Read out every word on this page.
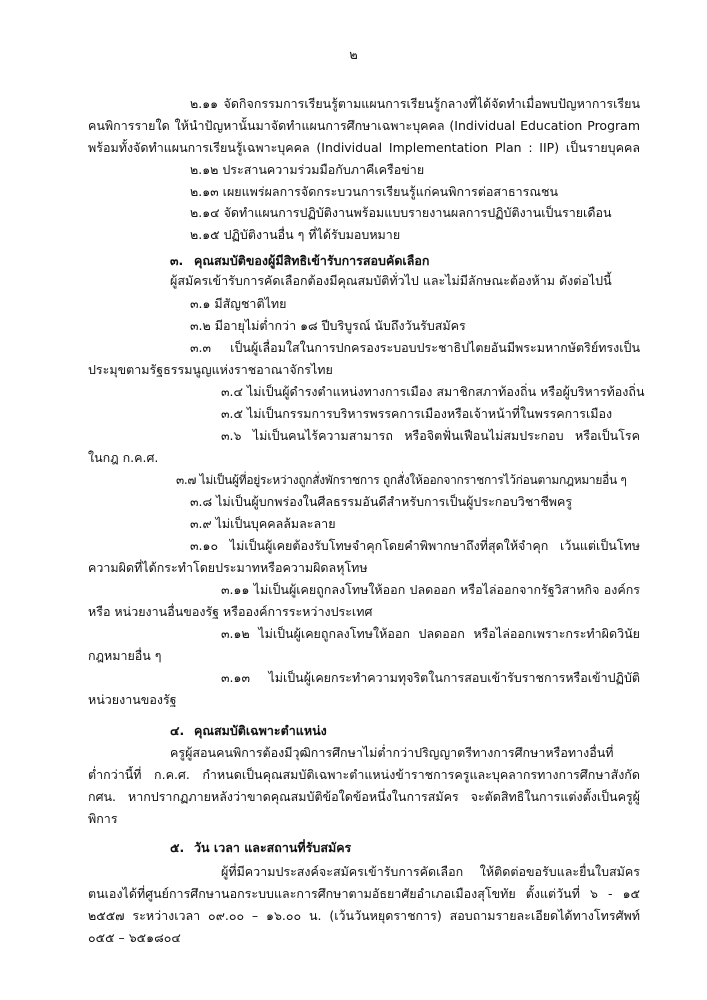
๒
๒.๑๑ จัดกิจกรรมการเรียนรู้ตามแผนการเรียนรู้กลางที่ได้จัดทำเมื่อพบปัญหาการเรียน
คนพิการรายใด ให้นำปัญหานั้นมาจัดทำแผนการศึกษาเฉพาะบุคคล (Individual Education Program
พร้อมทั้งจัดทำแผนการเรียนรู้เฉพาะบุคคล (Individual Implementation Plan : IIP) เป็นรายบุคคล
๒.๑๒ ประสานความร่วมมือกับภาคีเครือข่าย
๒.๑๓ เผยแพร่ผลการจัดกระบวนการเรียนรู้แก่คนพิการต่อสาธารณชน
๒.๑๔ จัดทำแผนการปฏิบัติงานพร้อมแบบรายงานผลการปฏิบัติงานเป็นรายเดือน
๒.๑๕ ปฏิบัติงานอื่น ๆ ที่ได้รับมอบหมาย
๓. คุณสมบัติของผู้มีสิทธิเข้ารับการสอบคัดเลือก
ผู้สมัครเข้ารับการคัดเลือกต้องมีคุณสมบัติทั่วไป และไม่มีลักษณะต้องห้าม ดังต่อไปนี้
๓.๑ มีสัญชาติไทย
๓.๒ มีอายุไม่ต่ำกว่า ๑๘ ปีบริบูรณ์ นับถึงวันรับสมัคร
๓.๓ เป็นผู้เลื่อมใสในการปกครองระบอบประชาธิปไตยอันมีพระมหากษัตริย์ทรงเป็น
ประมุขตามรัฐธรรมนูญแห่งราชอาณาจักรไทย
๓.๔ ไม่เป็นผู้ดำรงตำแหน่งทางการเมือง สมาชิกสภาท้องถิ่น หรือผู้บริหารท้องถิ่น
๓.๕ ไม่เป็นกรรมการบริหารพรรคการเมืองหรือเจ้าหน้าที่ในพรรคการเมือง
๓.๖ ไม่เป็นคนไร้ความสามารถ หรือจิตฟั่นเฟือนไม่สมประกอบ หรือเป็นโรค
ในกฎ ก.ค.ศ.
๓.๗ ไม่เป็นผู้ที่อยู่ระหว่างถูกสั่งพักราชการ ถูกสั่งให้ออกจากราชการไว้ก่อนตามกฎหมายอื่น ๆ
๓.๘ ไม่เป็นผู้บกพร่องในศีลธรรมอันดีสำหรับการเป็นผู้ประกอบวิชาชีพครู
๓.๙ ไม่เป็นบุคคลล้มละลาย
๓.๑๐ ไม่เป็นผู้เคยต้องรับโทษจำคุกโดยคำพิพากษาถึงที่สุดให้จำคุก เว้นแต่เป็นโทษ
ความผิดที่ได้กระทำโดยประมาทหรือความผิดลหุโทษ
๓.๑๑ ไม่เป็นผู้เคยถูกลงโทษให้ออก ปลดออก หรือไล่ออกจากรัฐวิสาหกิจ องค์กร
หรือ หน่วยงานอื่นของรัฐ หรือองค์การระหว่างประเทศ
๓.๑๒ ไม่เป็นผู้เคยถูกลงโทษให้ออก ปลดออก หรือไล่ออกเพราะกระทำผิดวินัย
กฎหมายอื่น ๆ
๓.๑๓ ไม่เป็นผู้เคยกระทำความทุจริตในการสอบเข้ารับราชการหรือเข้าปฏิบัติ
หน่วยงานของรัฐ
๔. คุณสมบัติเฉพาะตำแหน่ง
ครูผู้สอนคนพิการต้องมีวุฒิการศึกษาไม่ต่ำกว่าปริญญาตรีทางการศึกษาหรือทางอื่นที่
ต่ำกว่านี้ที่ ก.ค.ศ. กำหนดเป็นคุณสมบัติเฉพาะตำแหน่งข้าราชการครูและบุคลากรทางการศึกษาสังกัด
กศน. หากปรากฏภายหลังว่าขาดคุณสมบัติข้อใดข้อหนึ่งในการสมัคร จะตัดสิทธิในการแต่งตั้งเป็นครูผู้
พิการ
๕. วัน เวลา และสถานที่รับสมัคร
ผู้ที่มีความประสงค์จะสมัครเข้ารับการคัดเลือก ให้ติดต่อขอรับและยื่นใบสมัคร
ตนเองได้ที่ศูนย์การศึกษานอกระบบและการศึกษาตามอัธยาศัยอำเภอเมืองสุโขทัย ตั้งแต่วันที่ ๖ - ๑๕
๒๕๕๗ ระหว่างเวลา ๐๙.๐๐ – ๑๖.๐๐ น. (เว้นวันหยุดราชการ) สอบถามรายละเอียดได้ทางโทรศัพท์
๐๕๕ – ๖๕๑๘๐๔
